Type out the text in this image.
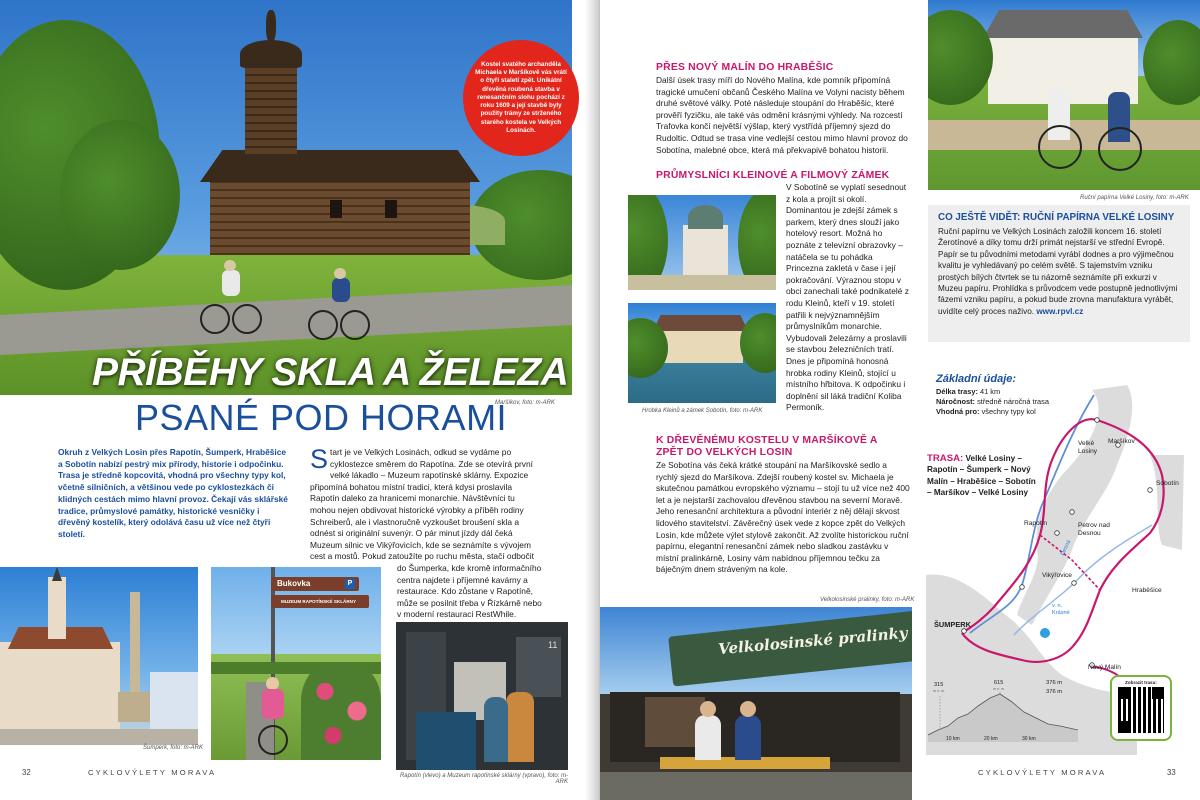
Kostel svatého archanděla Michaela v Maršíkově vás vrátí o čtyři staletí zpět. Unikátní dřevěná roubená stavba v renesančním slohu pochází z roku 1609 a její stavbě byly použity trámy ze strženého starého kostela ve Velkých Losinách.
PŘÍBĚHY SKLA A ŽELEZA
PSANÉ POD HORAMI
Maršíkov, foto: m-ARK
Okruh z Velkých Losin přes Rapotín, Šumperk, Hraběšice a Sobotín nabízí pestrý mix přírody, historie i odpočinku. Trasa je středně kopcovitá, vhodná pro všechny typy kol, včetně silničních, a většinou vede po cyklostezkách či klidných cestách mimo hlavní provoz. Čekají vás sklářské tradice, průmyslové památky, historické vesničky i dřevěný kostelík, který odolává času už více než čtyři století.
Start je ve Velkých Losinách, odkud se vydáme po cyklostezce směrem do Rapotína. Zde se otevírá první velké lákadlo – Muzeum rapotínské sklárny. Expozice připomíná bohatou místní tradici, která kdysi proslavila Rapotín daleko za hranicemi monarchie. Návštěvníci tu mohou nejen obdivovat historické výrobky a příběh rodiny Schreiberů, ale i vlastnoručně vyzkoušet broušení skla a odnést si originální suvenýr. O pár minut jízdy dál čeká Muzeum silnic ve Vikýřovicích, kde se seznámíte s vývojem cest a mostů. Pokud zatoužíte po ruchu města, stačí odbočit
do Šumperka, kde kromě informačního centra najdete i příjemné kavárny a restaurace. Kdo zůstane v Rapotíně, může se posilnit třeba v Řízkárně nebo v moderní restauraci RestWhile.
Šumperk, foto: m-ARK
Bukovka	P
MUZEUM RAPOTÍNSKÉ SKLÁRNY
11
Rapotín (vlevo) a Muzeum rapotínské sklárny (vpravo), foto: m-ARK
32	CYKLOVÝLETY MORAVA
PŘES NOVÝ MALÍN DO HRABĚŠIC
Další úsek trasy míří do Nového Malína, kde pomník připomíná tragické umučení občanů Českého Malína ve Volyni nacisty během druhé světové války. Poté následuje stoupání do Hraběšic, které prověří fyzičku, ale také vás odmění krásnými výhledy. Na rozcestí Trafovka končí největší výšlap, který vystřídá příjemný sjezd do Rudoltic. Odtud se trasa vine vedlejší cestou mimo hlavní provoz do Sobotína, malebné obce, která má překvapivě bohatou historii.
PRŮMYSLNÍCI KLEINOVÉ A FILMOVÝ ZÁMEK
Hrobka Kleinů a zámek Sobotín, foto: m-ARK
V Sobotíně se vyplatí sesednout z kola a projít si okolí. Dominantou je zdejší zámek s parkem, který dnes slouží jako hotelový resort. Možná ho poznáte z televizní obrazovky – natáčela se tu pohádka Princezna zakletá v čase i její pokračování. Výraznou stopu v obci zanechali také podnikatelé z rodu Kleinů, kteří v 19. století patřili k nejvýznamnějším průmyslníkům monarchie. Vybudovali železárny a proslavili se stavbou železničních tratí. Dnes je připomíná honosná hrobka rodiny Kleinů, stojící u místního hřbitova. K odpočinku i doplnění sil láká tradiční Koliba Permoník.
K DŘEVĚNÉMU KOSTELU V MARŠÍKOVĚ A ZPĚT DO VELKÝCH LOSIN
Ze Sobotína vás čeká krátké stoupání na Maršíkovské sedlo a rychlý sjezd do Maršíkova. Zdejší roubený kostel sv. Michaela je skutečnou památkou evropského významu – stojí tu už více než 400 let a je nejstarší zachovalou dřevěnou stavbou na severní Moravě. Jeho renesanční architektura a původní interiér z něj dělají skvost lidového stavitelství. Závěrečný úsek vede z kopce zpět do Velkých Losin, kde můžete výlet stylově zakončit. Až zvolíte historickou ruční papírnu, elegantní renesanční zámek nebo sladkou zastávku v místní pralinkárně, Losiny vám nabídnou příjemnou tečku za báječným dnem stráveným na kole.
Velkolosinské pralinky, foto: m-ARK
Velkolosinské pralinky
Ruční papírna Velké Losiny, foto: m-ARK
CO JEŠTĚ VIDĚT: RUČNÍ PAPÍRNA VELKÉ LOSINY
Ruční papírnu ve Velkých Losinách založili koncem 16. století Žerotínové a díky tomu drží primát nejstarší ve střední Evropě. Papír se tu původními metodami vyrábí dodnes a pro výjimečnou kvalitu je vyhledávaný po celém světě. S tajemstvím vzniku prostých bílých čtvrtek se tu názorně seznámíte při exkurzi v Muzeu papíru. Prohlídka s průvodcem vede postupně jednotlivými fázemi vzniku papíru, a pokud bude zrovna manufaktura vyrábět, uvidíte celý proces naživo. www.rpvl.cz
Základní údaje:
Délka trasy: 41 km
Náročnost: středně náročná trasa
Vhodná pro: všechny typy kol
Velké Losiny
Maršíkov
Sobotín
Rapotín	Petrov nad Desnou
Vikýřovice
Hraběšice
ŠUMPERK
Nový Malín
v. n. Krásné
Desná
TRASA: Velké Losiny – Rapotín – Šumperk – Nový Malín – Hraběšice – Sobotín – Maršíkov – Velké Losiny
315
m n. m.
615
m n. m.
376 m
376 m
10 km	20 km	30 km
Zobrazit trasu:
CYKLOVÝLETY MORAVA	33
